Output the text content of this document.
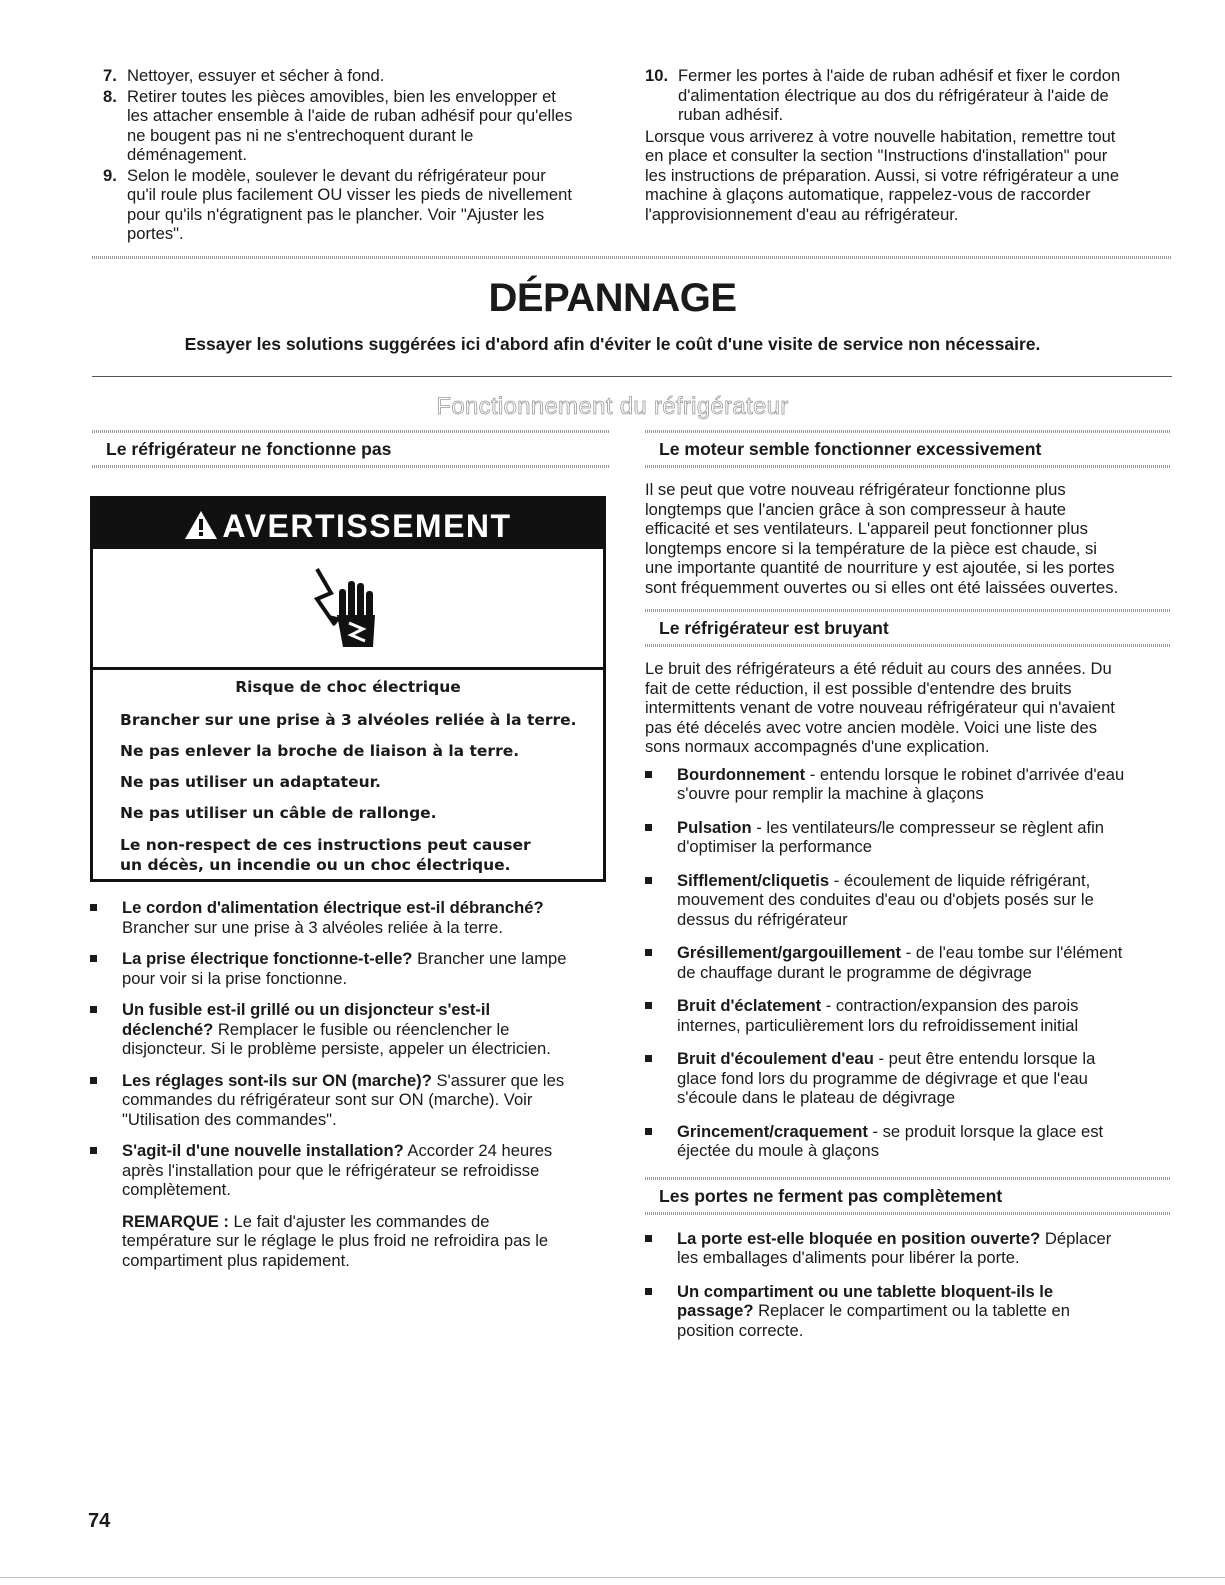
7. Nettoyer, essuyer et sécher à fond.
8. Retirer toutes les pièces amovibles, bien les envelopper et
les attacher ensemble à l'aide de ruban adhésif pour qu'elles
ne bougent pas ni ne s'entrechoquent durant le
déménagement.
9. Selon le modèle, soulever le devant du réfrigérateur pour
qu'il roule plus facilement OU visser les pieds de nivellement
pour qu'ils n'égratignent pas le plancher. Voir "Ajuster les
portes".
10. Fermer les portes à l'aide de ruban adhésif et fixer le cordon
d'alimentation électrique au dos du réfrigérateur à l'aide de
ruban adhésif.
Lorsque vous arriverez à votre nouvelle habitation, remettre tout
en place et consulter la section "Instructions d'installation" pour
les instructions de préparation. Aussi, si votre réfrigérateur a une
machine à glaçons automatique, rappelez-vous de raccorder
l'approvisionnement d'eau au réfrigérateur.
DÉPANNAGE
Essayer les solutions suggérées ici d'abord afin d'éviter le coût d'une visite de service non nécessaire.
Fonctionnement du réfrigérateur
Le réfrigérateur ne fonctionne pas
AVERTISSEMENT

Risque de choc électrique

Brancher sur une prise à 3 alvéoles reliée à la terre.

Ne pas enlever la broche de liaison à la terre.

Ne pas utiliser un adaptateur.

Ne pas utiliser un câble de rallonge.

Le non-respect de ces instructions peut causer

un décès, un incendie ou un choc électrique.

Le cordon d'alimentation électrique est-il débranché?
Brancher sur une prise à 3 alvéoles reliée à la terre.
La prise électrique fonctionne-t-elle? Brancher une lampe
pour voir si la prise fonctionne.
Un fusible est-il grillé ou un disjoncteur s'est-il
déclenché? Remplacer le fusible ou réenclencher le
disjoncteur. Si le problème persiste, appeler un électricien.
Les réglages sont-ils sur ON (marche)? S'assurer que les
commandes du réfrigérateur sont sur ON (marche). Voir
"Utilisation des commandes".
S'agit-il d'une nouvelle installation? Accorder 24 heures
après l'installation pour que le réfrigérateur se refroidisse
complètement.
REMARQUE : Le fait d'ajuster les commandes de
température sur le réglage le plus froid ne refroidira pas le
compartiment plus rapidement.
Le moteur semble fonctionner excessivement
Il se peut que votre nouveau réfrigérateur fonctionne plus
longtemps que l'ancien grâce à son compresseur à haute
efficacité et ses ventilateurs. L'appareil peut fonctionner plus
longtemps encore si la température de la pièce est chaude, si
une importante quantité de nourriture y est ajoutée, si les portes
sont fréquemment ouvertes ou si elles ont été laissées ouvertes.
Le réfrigérateur est bruyant
Le bruit des réfrigérateurs a été réduit au cours des années. Du
fait de cette réduction, il est possible d'entendre des bruits
intermittents venant de votre nouveau réfrigérateur qui n'avaient
pas été décelés avec votre ancien modèle. Voici une liste des
sons normaux accompagnés d'une explication.
Bourdonnement - entendu lorsque le robinet d'arrivée d'eau
s'ouvre pour remplir la machine à glaçons
Pulsation - les ventilateurs/le compresseur se règlent afin
d'optimiser la performance
Sifflement/cliquetis - écoulement de liquide réfrigérant,
mouvement des conduites d'eau ou d'objets posés sur le
dessus du réfrigérateur
Grésillement/gargouillement - de l'eau tombe sur l'élément
de chauffage durant le programme de dégivrage
Bruit d'éclatement - contraction/expansion des parois
internes, particulièrement lors du refroidissement initial
Bruit d'écoulement d'eau - peut être entendu lorsque la
glace fond lors du programme de dégivrage et que l'eau
s'écoule dans le plateau de dégivrage
Grincement/craquement - se produit lorsque la glace est
éjectée du moule à glaçons
Les portes ne ferment pas complètement
La porte est-elle bloquée en position ouverte? Déplacer
les emballages d'aliments pour libérer la porte.
Un compartiment ou une tablette bloquent-ils le
passage? Replacer le compartiment ou la tablette en
position correcte.
74
